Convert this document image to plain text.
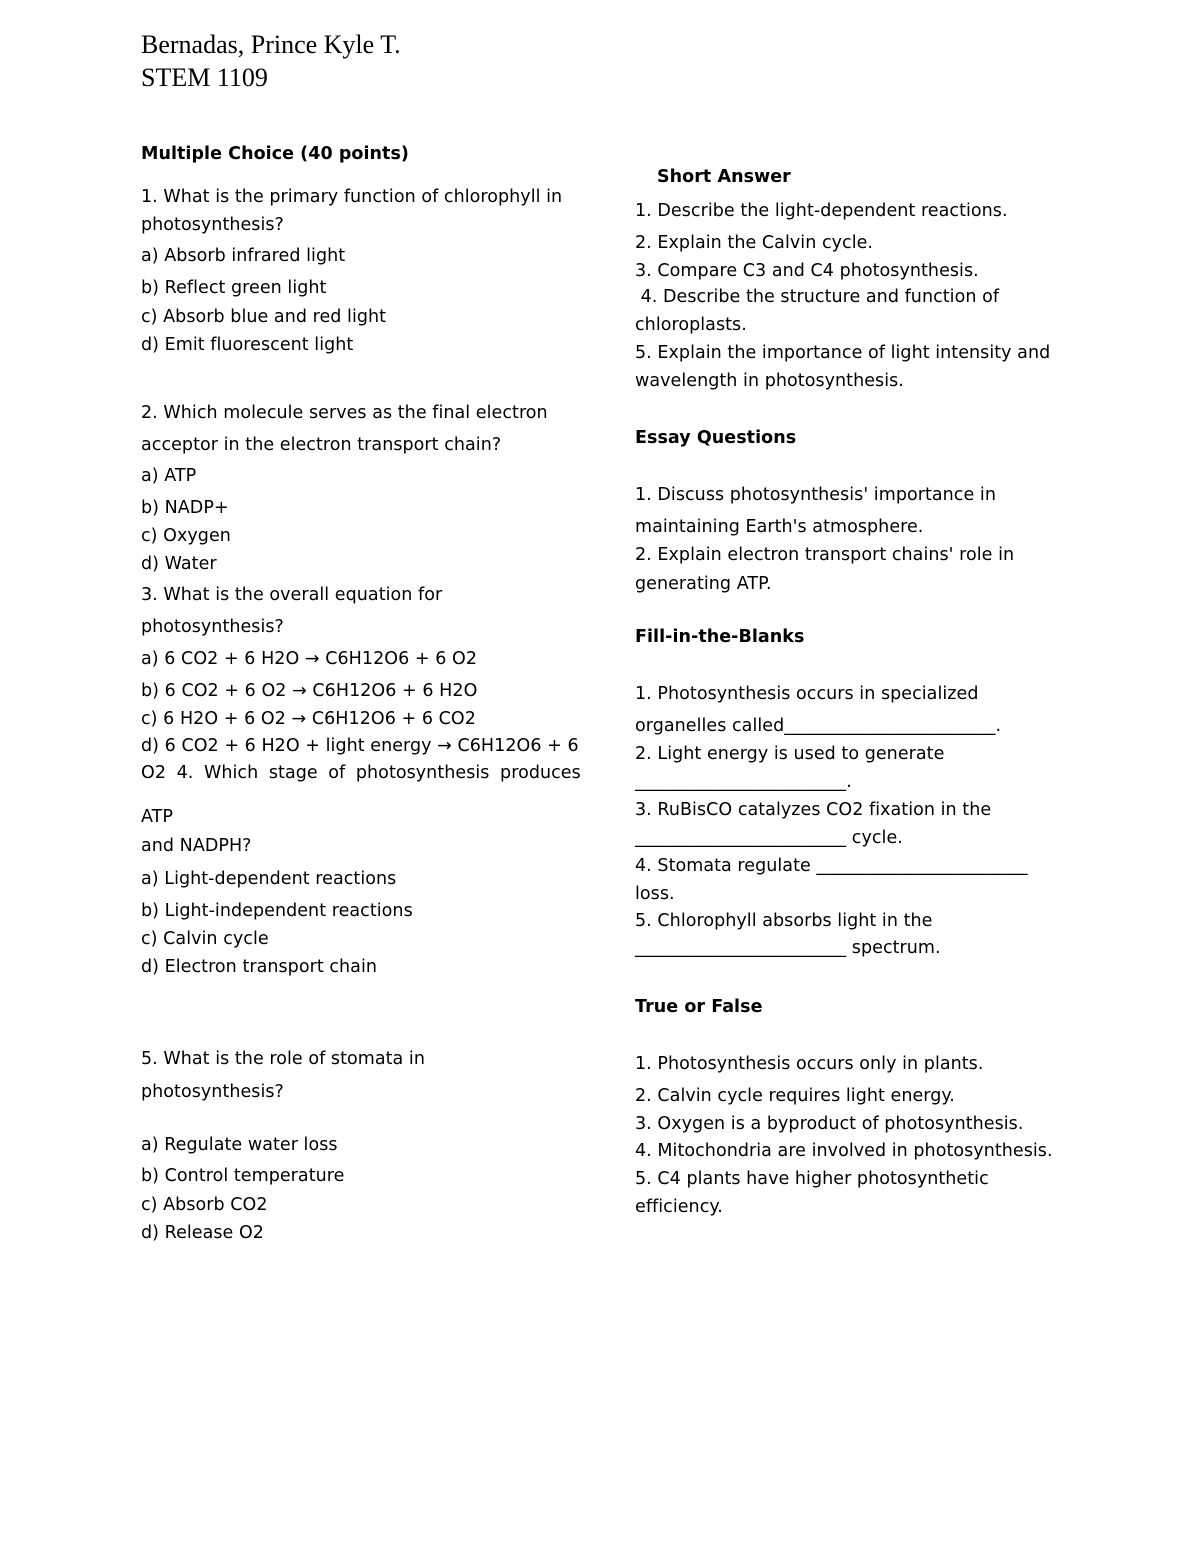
Bernadas, Prince Kyle T.
STEM 1109
Multiple Choice (40 points)
1. What is the primary function of chlorophyll in
photosynthesis?
a) Absorb infrared light
b) Reflect green light
c) Absorb blue and red light
d) Emit fluorescent light
2. Which molecule serves as the final electron
acceptor in the electron transport chain?
a) ATP
b) NADP+
c) Oxygen
d) Water
3. What is the overall equation for
photosynthesis?
a) 6 CO2 + 6 H2O → C6H12O6 + 6 O2
b) 6 CO2 + 6 O2 → C6H12O6 + 6 H2O
c) 6 H2O + 6 O2 → C6H12O6 + 6 CO2
d) 6 CO2 + 6 H2O + light energy → C6H12O6 + 6
O2 4. Which stage of photosynthesis produces
ATP
and NADPH?
a) Light-dependent reactions
b) Light-independent reactions
c) Calvin cycle
d) Electron transport chain
5. What is the role of stomata in
photosynthesis?
a) Regulate water loss
b) Control temperature
c) Absorb CO2
d) Release O2
Short Answer
1. Describe the light-dependent reactions.
2. Explain the Calvin cycle.
3. Compare C3 and C4 photosynthesis.
4. Describe the structure and function of
chloroplasts.
5. Explain the importance of light intensity and
wavelength in photosynthesis.
Essay Questions
1. Discuss photosynthesis' importance in
maintaining Earth's atmosphere.
2. Explain electron transport chains' role in
generating ATP.
Fill-in-the-Blanks
1. Photosynthesis occurs in specialized
organelles called________________________.
2. Light energy is used to generate
________________________.
3. RuBisCO catalyzes CO2 fixation in the
________________________ cycle.
4. Stomata regulate ________________________
loss.
5. Chlorophyll absorbs light in the
________________________ spectrum.
True or False
1. Photosynthesis occurs only in plants.
2. Calvin cycle requires light energy.
3. Oxygen is a byproduct of photosynthesis.
4. Mitochondria are involved in photosynthesis.
5. C4 plants have higher photosynthetic
efficiency.
